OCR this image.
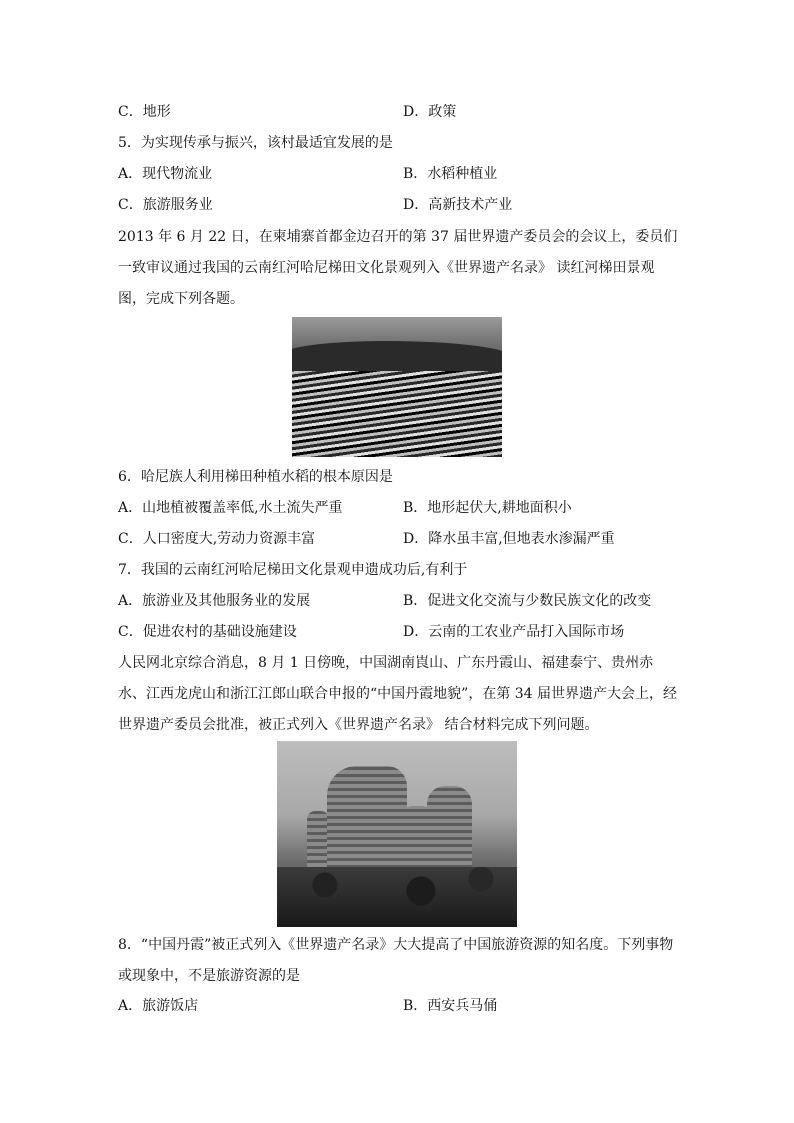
C．地形	D．政策
5．为实现传承与振兴，该村最适宜发展的是
A．现代物流业	B．水稻种植业
C．旅游服务业	D．高新技术产业
2013 年 6 月 22 日，在柬埔寨首都金边召开的第 37 届世界遗产委员会的会议上，委员们一致审议通过我国的云南红河哈尼梯田文化景观列入《世界遗产名录》 读红河梯田景观图，完成下列各题。
6．哈尼族人利用梯田种植水稻的根本原因是
A．山地植被覆盖率低,水土流失严重	B．地形起伏大,耕地面积小
C．人口密度大,劳动力资源丰富	D．降水虽丰富,但地表水渗漏严重
7．我国的云南红河哈尼梯田文化景观申遗成功后,有利于
A．旅游业及其他服务业的发展	B．促进文化交流与少数民族文化的改变
C．促进农村的基础设施建设	D．云南的工农业产品打入国际市场
人民网北京综合消息，8 月 1 日傍晚，中国湖南崀山、广东丹霞山、福建泰宁、贵州赤水、江西龙虎山和浙江江郎山联合申报的“中国丹霞地貌”，在第 34 届世界遗产大会上，经世界遗产委员会批准，被正式列入《世界遗产名录》 结合材料完成下列问题。
8．“中国丹霞”被正式列入《世界遗产名录》大大提高了中国旅游资源的知名度。下列事物或现象中，不是旅游资源的是
A．旅游饭店	B．西安兵马俑
